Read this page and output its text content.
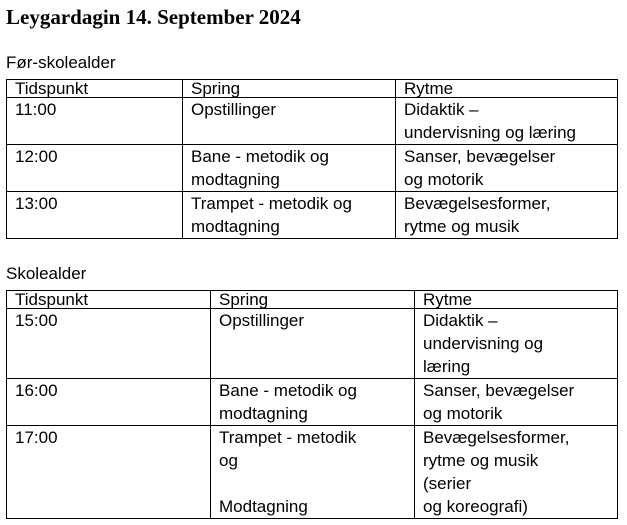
Leygardagin 14. September 2024
Før-skolealder
Tidspunkt	Spring	Rytme
11:00	Opstillinger	Didaktik –
undervisning og læring
12:00	Bane - metodik og
modtagning	Sanser, bevægelser
og motorik
13:00	Trampet - metodik og
modtagning	Bevægelsesformer,
rytme og musik
Skolealder
Tidspunkt	Spring	Rytme
15:00	Opstillinger	Didaktik –
undervisning og
læring
16:00	Bane - metodik og
modtagning	Sanser, bevægelser
og motorik
17:00	Trampet - metodik
og

Modtagning	Bevægelsesformer,
rytme og musik
(serier
og koreografi)
